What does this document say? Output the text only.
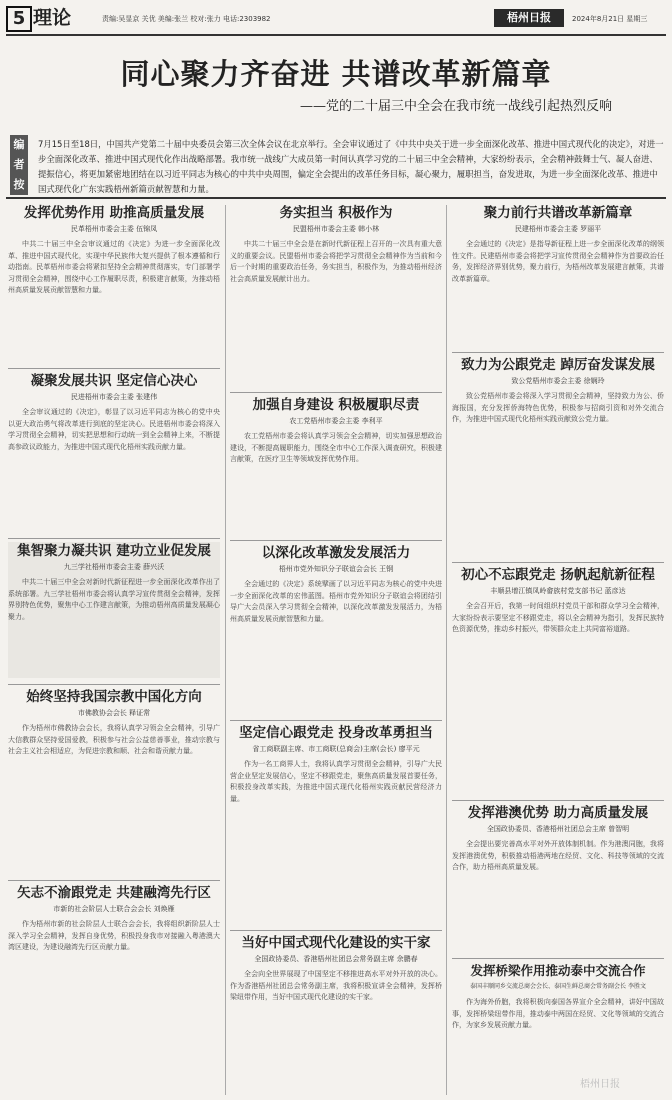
5 理论	责编:吴显京 关优 美编:张兰 校对:张力 电话:2303982	梧州日报	2024年8月21日 星期三
同心聚力齐奋进 共谱改革新篇章
——党的二十届三中全会在我市统一战线引起热烈反响
编者按
7月15日至18日，中国共产党第二十届中央委员会第三次全体会议在北京举行。全会审议通过了《中共中央关于进一步全面深化改革、推进中国式现代化的决定》，对进一步全面深化改革、推进中国式现代化作出战略部署。我市统一战线广大成员第一时间认真学习党的二十届三中全会精神，大家纷纷表示，全会精神鼓舞士气、凝人奋进、提振信心，将更加紧密地团结在以习近平同志为核心的中共中央周围，偏定全会提出的改革任务目标，凝心聚力，履职担当，奋发进取，为进一步全面深化改革、推进中国式现代化广东实践梧州新篇贡献智慧和力量。
发挥优势作用 助推高质量发展
民革梧州市委会主委 伍锦凤
中共二十届三中全会审议通过的《决定》为进一步全面深化改革、推进中国式现代化，实现中华民族伟大复兴提供了根本遵循和行动指南。民革梧州市委会将紧扣坚持全会精神贯彻落实，专门部署学习贯彻全会精神，围绕中心工作履职尽责，积极建言献策，为推动梧州高质量发展贡献智慧和力量。
凝聚发展共识 坚定信心决心
民进梧州市委会主委 张建伟
全会审议通过的《决定》，彰显了以习近平同志为核心的党中央以更大政治勇气将改革进行到底的坚定决心。民进梧州市委会将深入学习贯彻全会精神，切实把思想和行动统一到全会精神上来，不断提高参政议政能力，为推进中国式现代化梧州实践贡献力量。
集智聚力凝共识 建功立业促发展
九三学社梧州市委会主委 薛兴沃
中共二十届三中全会对新时代新征程进一步全面深化改革作出了系统部署。九三学社梧州市委会将认真学习宣传贯彻全会精神，发挥界别特色优势，聚焦中心工作建言献策，为推动梧州高质量发展凝心聚力。
始终坚持我国宗教中国化方向
市佛教协会会长 释证常
作为梧州市佛教协会会长，我将认真学习领会全会精神，引导广大信教群众坚持爱国爱教，积极参与社会公益慈善事业，推动宗教与社会主义社会相适应，为促进宗教和顺、社会和谐贡献力量。
矢志不渝跟党走 共建融湾先行区
市新的社会阶层人士联合会会长 刘焕雁
作为梧州市新的社会阶层人士联合会会长，我将组织新阶层人士深入学习全会精神，发挥自身优势，积极投身我市对接融入粤港澳大湾区建设，为建设融湾先行区贡献力量。
务实担当 积极作为
民盟梧州市委会主委 韩小林
中共二十届三中全会是在新时代新征程上召开的一次具有重大意义的重要会议。民盟梧州市委会将把学习贯彻全会精神作为当前和今后一个时期的重要政治任务，务实担当，积极作为，为推动梧州经济社会高质量发展献计出力。
加强自身建设 积极履职尽责
农工党梧州市委会主委 李利平
农工党梧州市委会将认真学习领会全会精神，切实加强思想政治建设，不断提高履职能力，围绕全市中心工作深入调查研究，积极建言献策，在医疗卫生等领域发挥优势作用。
以深化改革激发发展活力
梧州市党外知识分子联谊会会长 王钢
全会通过的《决定》系统擘画了以习近平同志为核心的党中央进一步全面深化改革的宏伟蓝图。梧州市党外知识分子联谊会将团结引导广大会员深入学习贯彻全会精神，以深化改革激发发展活力，为梧州高质量发展贡献智慧和力量。
坚定信心跟党走 投身改革勇担当
省工商联副主席、市工商联(总商会)主席(会长) 廖平元
作为一名工商界人士，我将认真学习贯彻全会精神，引导广大民营企业坚定发展信心，坚定不移跟党走，聚焦高质量发展首要任务，积极投身改革实践，为推进中国式现代化梧州实践贡献民营经济力量。
当好中国式现代化建设的实干家
全国政协委员、香港梧州社团总会常务副主席 余鹏春
全会向全世界展现了中国坚定不移推进高水平对外开放的决心。作为香港梧州社团总会常务副主席，我将积极宣讲全会精神，发挥桥梁纽带作用，当好中国式现代化建设的实干家。
聚力前行共谱改革新篇章
民建梧州市委会主委 罗丽平
全会通过的《决定》是指导新征程上进一步全面深化改革的纲领性文件。民建梧州市委会将把学习宣传贯彻全会精神作为首要政治任务，发挥经济界别优势，聚力前行，为梧州改革发展建言献策，共谱改革新篇章。
致力为公跟党走 踔厉奋发谋发展
致公党梧州市委会主委 徐娴玲
致公党梧州市委会将深入学习贯彻全会精神，坚持致力为公、侨海报国，充分发挥侨海特色优势，积极参与招商引资和对外交流合作，为推进中国式现代化梧州实践贡献致公党力量。
初心不忘跟党走 扬帆起航新征程
丰顺县增江镇凤岭畲族村党支部书记 蓝彦达
全会召开后，我第一时间组织村党员干部和群众学习全会精神，大家纷纷表示要坚定不移跟党走，将以全会精神为指引，发挥民族特色资源优势，推动乡村振兴，带领群众走上共同富裕道路。
发挥港澳优势 助力高质量发展
全国政协委员、香港梧州社团总会主席 曾智明
全会提出要完善高水平对外开放体制机制。作为港澳同胞，我将发挥港澳优势，积极推动梧港两地在经贸、文化、科技等领域的交流合作，助力梧州高质量发展。
发挥桥梁作用推动泰中交流合作
泰国丰顺同乡交流总商会会长、泰国生鲜总商会常务副会长 李胜文
作为海外侨胞，我将积极向泰国各界宣介全会精神，讲好中国故事，发挥桥梁纽带作用，推动泰中两国在经贸、文化等领域的交流合作，为家乡发展贡献力量。
梧州日报
